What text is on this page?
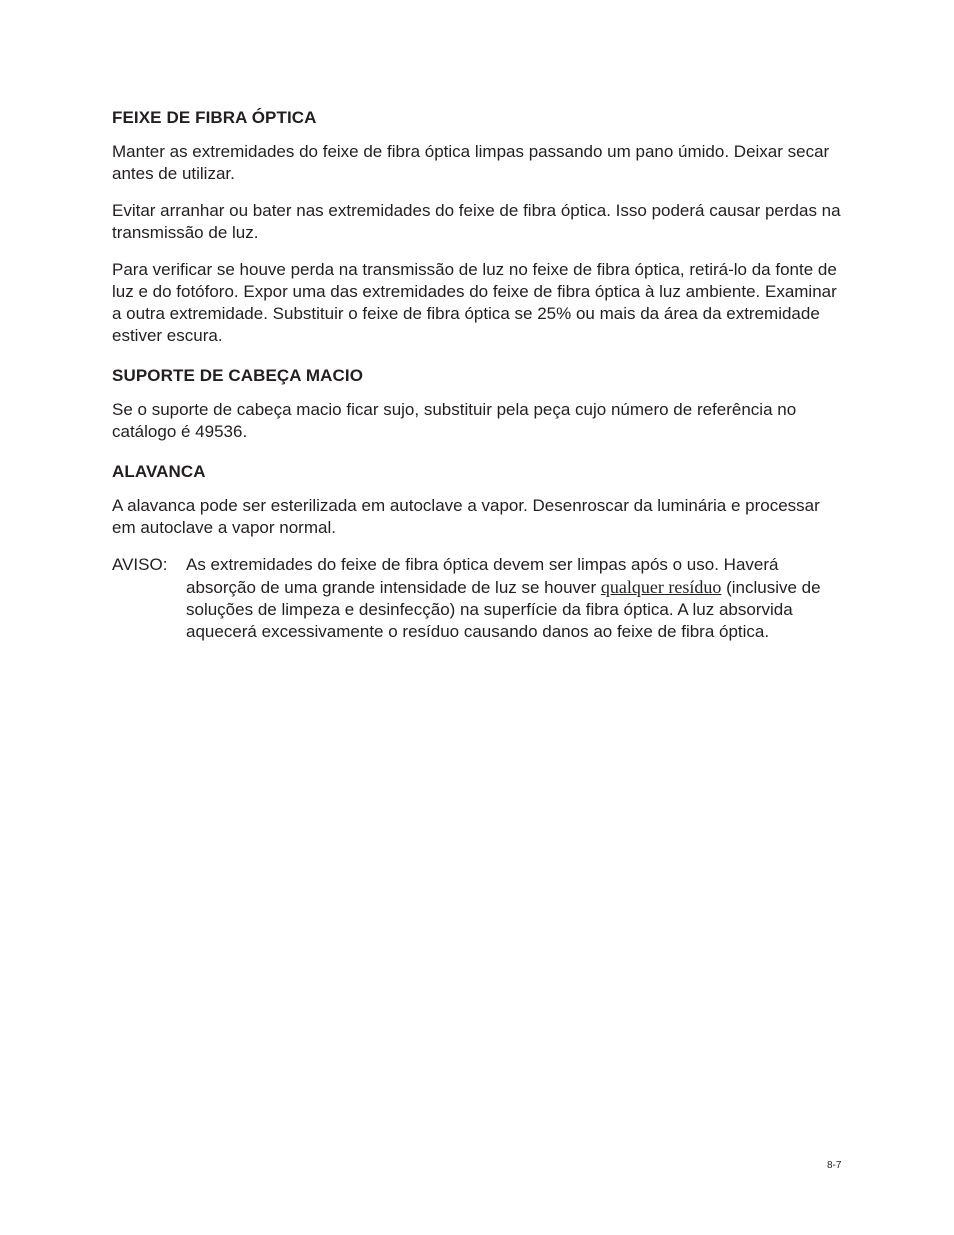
FEIXE DE FIBRA ÓPTICA

Manter as extremidades do feixe de fibra óptica limpas passando um pano úmido. Deixar secar antes de utilizar.

Evitar arranhar ou bater nas extremidades do feixe de fibra óptica. Isso poderá causar perdas na transmissão de luz.

Para verificar se houve perda na transmissão de luz no feixe de fibra óptica, retirá-lo da fonte de luz e do fotóforo. Expor uma das extremidades do feixe de fibra óptica à luz ambiente. Examinar a outra extremidade. Substituir o feixe de fibra óptica se 25% ou mais da área da extremidade estiver escura.

SUPORTE DE CABEÇA MACIO

Se o suporte de cabeça macio ficar sujo, substituir pela peça cujo número de referência no catálogo é 49536.

ALAVANCA

A alavanca pode ser esterilizada em autoclave a vapor. Desenroscar da luminária e processar em autoclave a vapor normal.

AVISO: As extremidades do feixe de fibra óptica devem ser limpas após o uso. Haverá absorção de uma grande intensidade de luz se houver qualquer resíduo (inclusive de soluções de limpeza e desinfecção) na superfície da fibra óptica. A luz absorvida aquecerá excessivamente o resíduo causando danos ao feixe de fibra óptica.
8-7
